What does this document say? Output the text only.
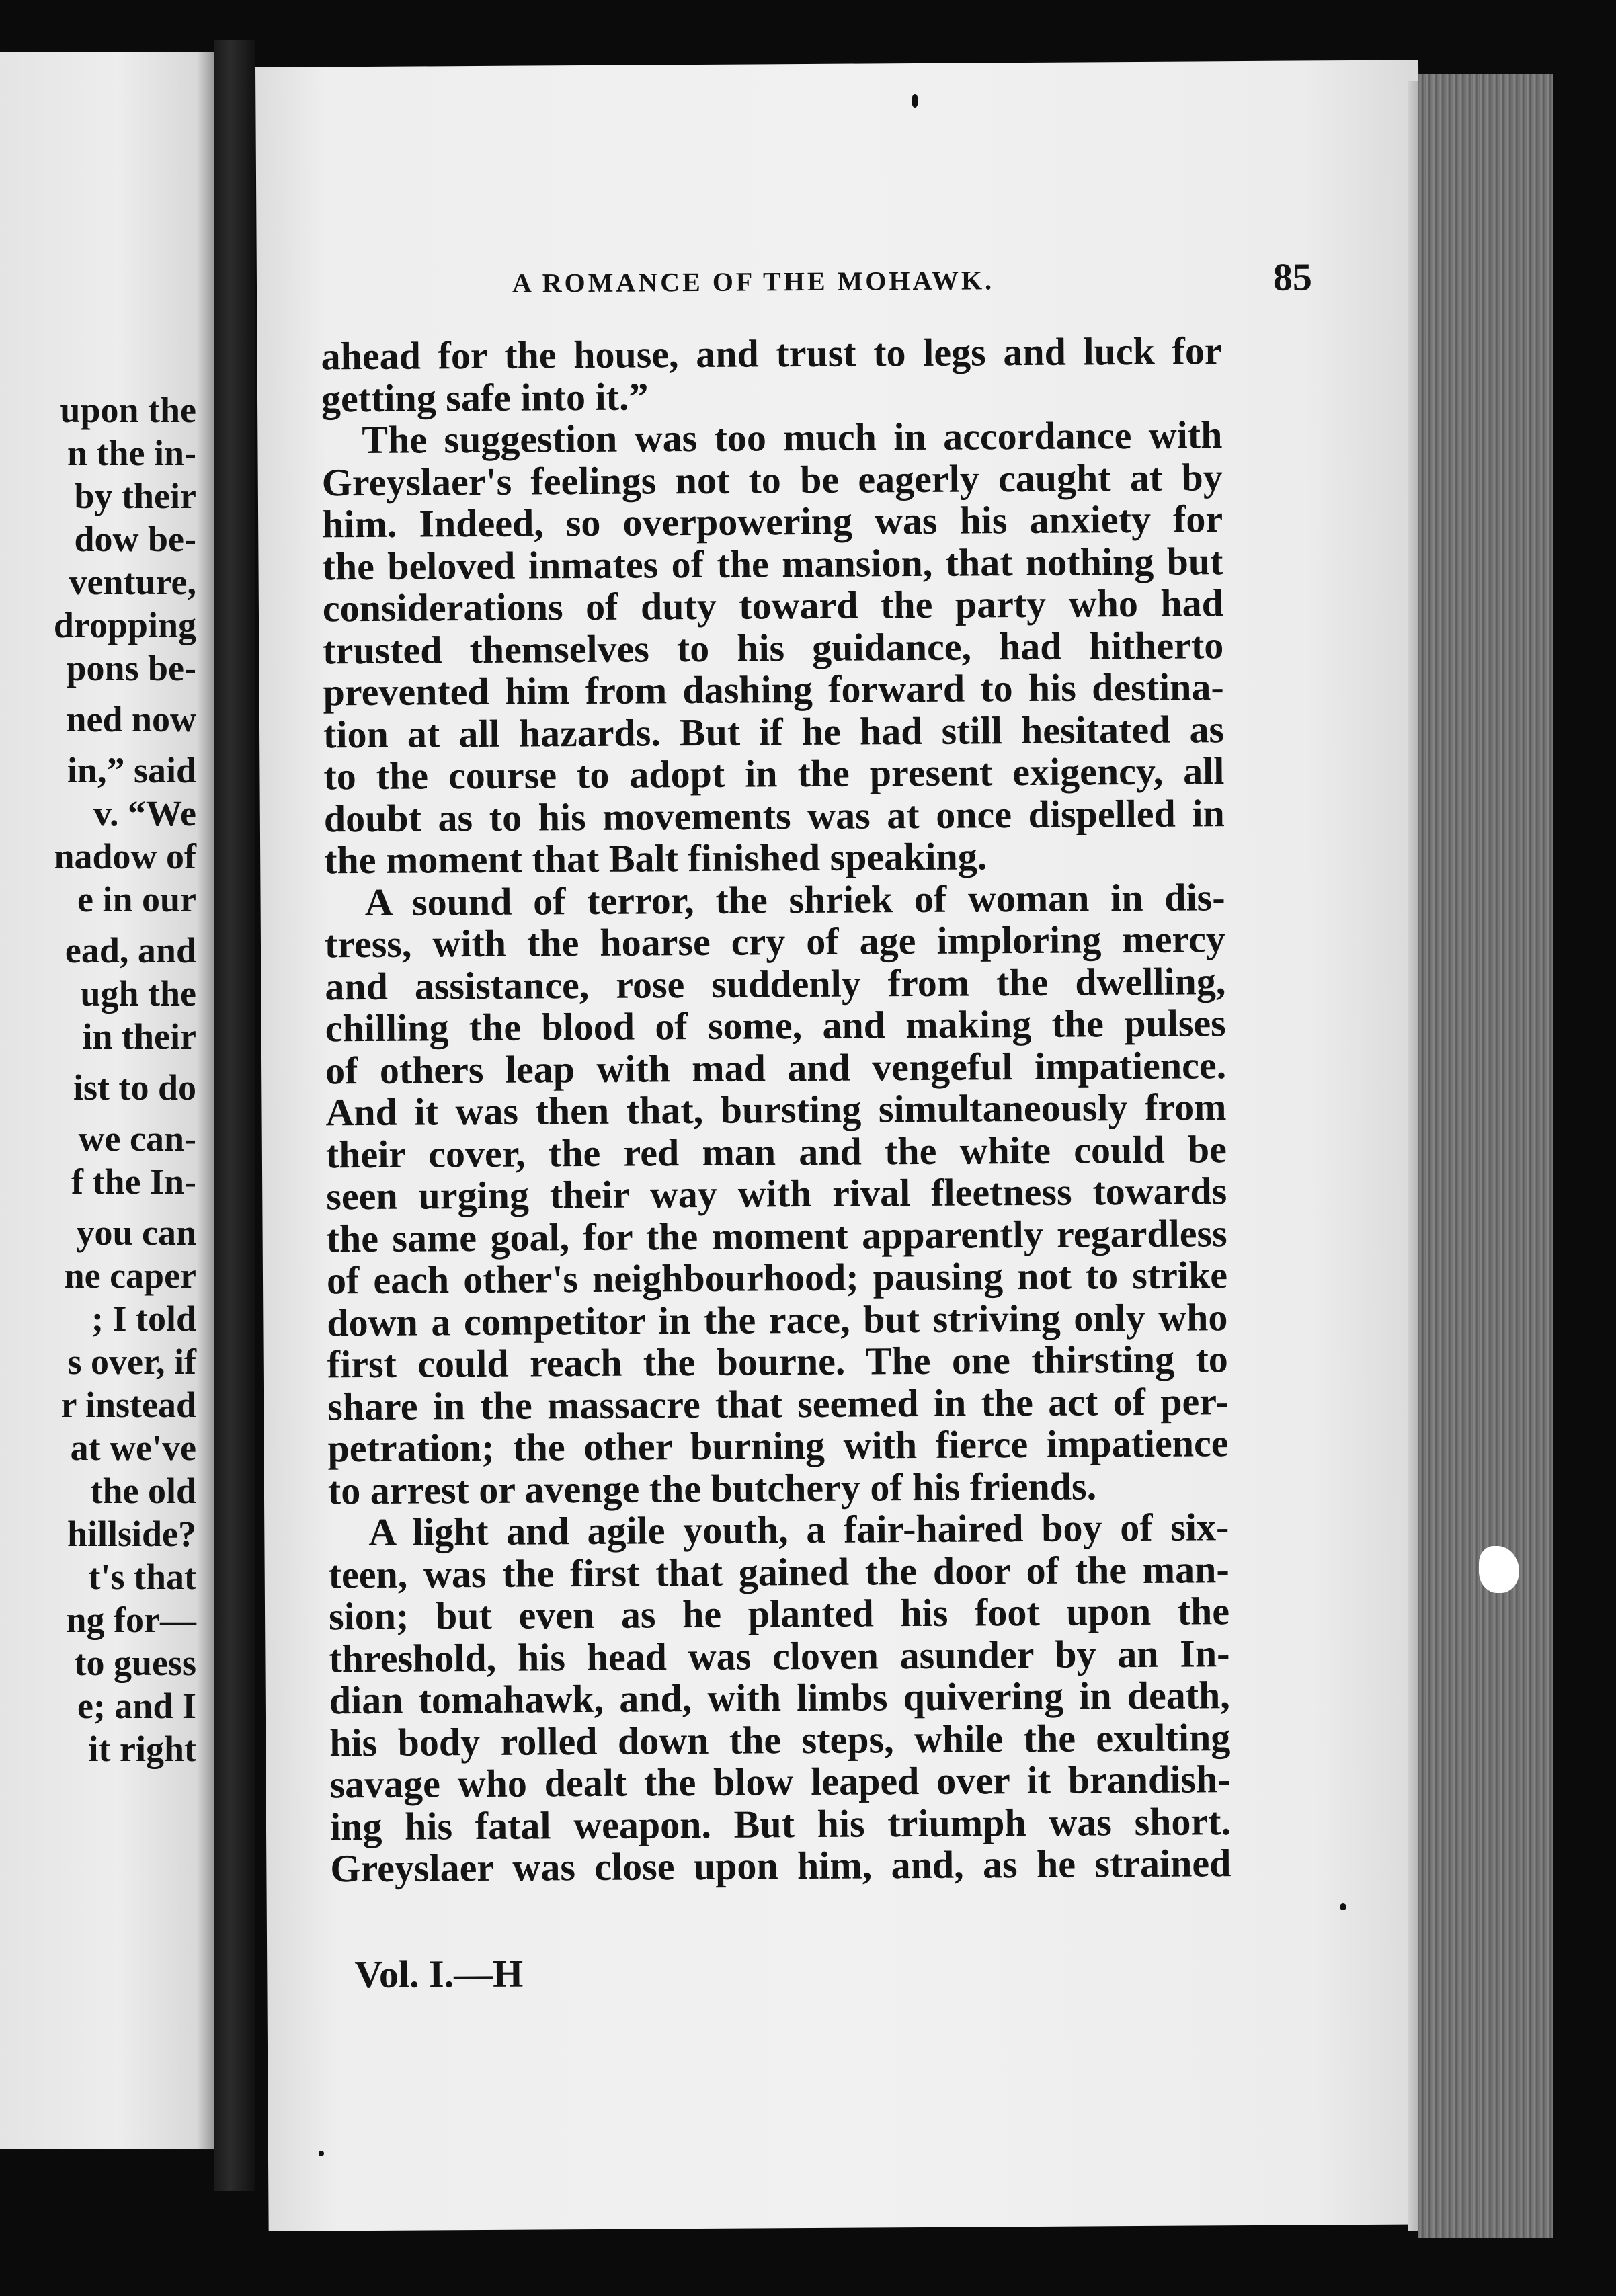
upon the
n the in-
by their
dow be-
venture,
dropping
pons be-
ned now
in,” said
v. “We
nadow of
e in our
ead, and
ugh the
in their
ist to do
we can-
f the In-
you can
ne caper
; I told
s over, if
r instead
at we've
the old
hillside?
t's that
ng for—
to guess
e; and I
it right
A ROMANCE OF THE MOHAWK.	85
ahead for the house, and trust to legs and luck for
getting safe into it.”
The suggestion was too much in accordance with
Greyslaer's feelings not to be eagerly caught at by
him. Indeed, so overpowering was his anxiety for
the beloved inmates of the mansion, that nothing but
considerations of duty toward the party who had
trusted themselves to his guidance, had hitherto
prevented him from dashing forward to his destina-
tion at all hazards. But if he had still hesitated as
to the course to adopt in the present exigency, all
doubt as to his movements was at once dispelled in
the moment that Balt finished speaking.
A sound of terror, the shriek of woman in dis-
tress, with the hoarse cry of age imploring mercy
and assistance, rose suddenly from the dwelling,
chilling the blood of some, and making the pulses
of others leap with mad and vengeful impatience.
And it was then that, bursting simultaneously from
their cover, the red man and the white could be
seen urging their way with rival fleetness towards
the same goal, for the moment apparently regardless
of each other's neighbourhood; pausing not to strike
down a competitor in the race, but striving only who
first could reach the bourne. The one thirsting to
share in the massacre that seemed in the act of per-
petration; the other burning with fierce impatience
to arrest or avenge the butchery of his friends.
A light and agile youth, a fair-haired boy of six-
teen, was the first that gained the door of the man-
sion; but even as he planted his foot upon the
threshold, his head was cloven asunder by an In-
dian tomahawk, and, with limbs quivering in death,
his body rolled down the steps, while the exulting
savage who dealt the blow leaped over it brandish-
ing his fatal weapon. But his triumph was short.
Greyslaer was close upon him, and, as he strained
Vol. I.—H
